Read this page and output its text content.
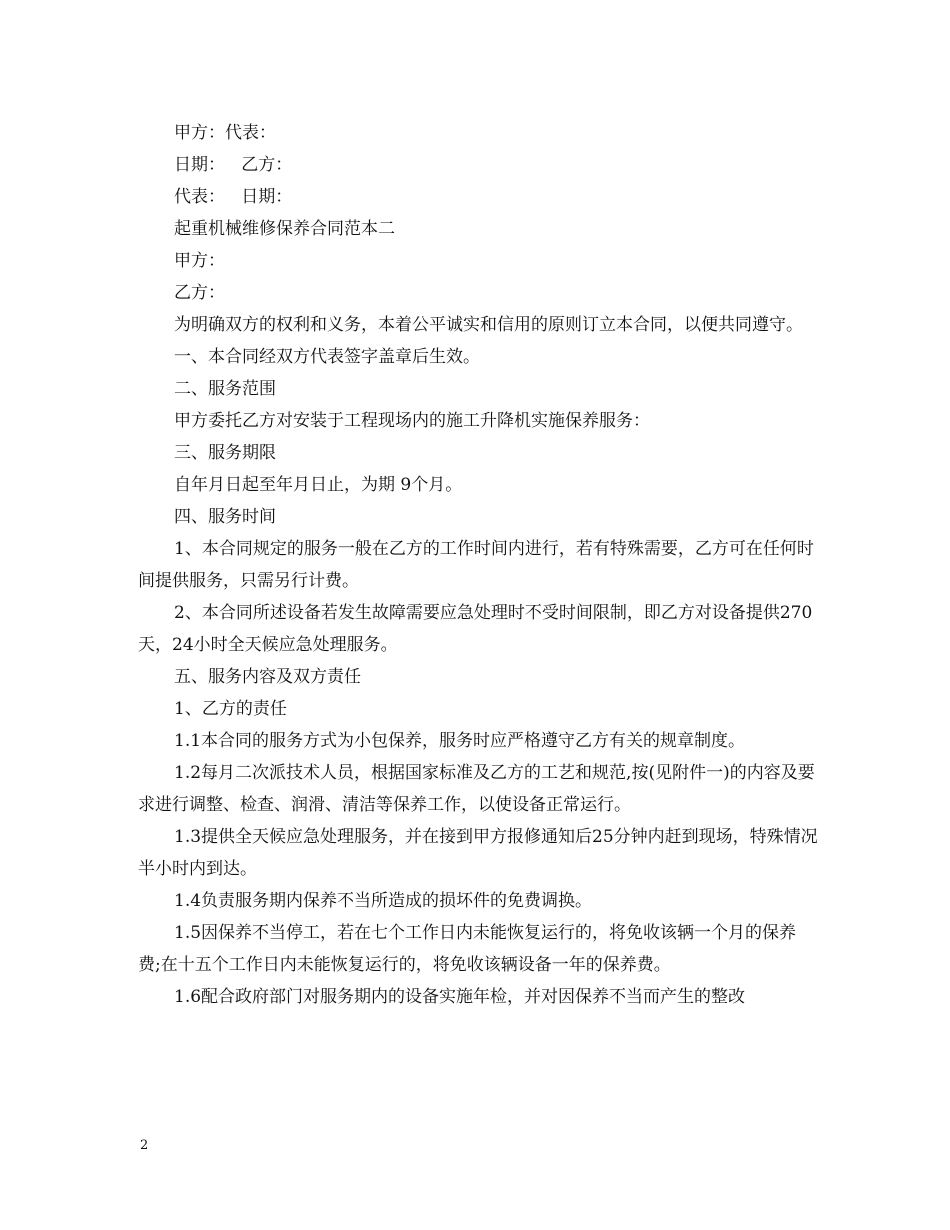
甲方：代表：

日期：   乙方：

代表：   日期：

起重机械维修保养合同范本二

甲方：

乙方：

为明确双方的权利和义务，本着公平诚实和信用的原则订立本合同，以便共同遵守。

一、本合同经双方代表签字盖章后生效。

二、服务范围

甲方委托乙方对安装于工程现场内的施工升降机实施保养服务：

三、服务期限

自年月日起至年月日止，为期 9个月。

四、服务时间

1、本合同规定的服务一般在乙方的工作时间内进行，若有特殊需要，乙方可在任何时间提供服务，只需另行计费。

2、本合同所述设备若发生故障需要应急处理时不受时间限制，即乙方对设备提供270天，24小时全天候应急处理服务。

五、服务内容及双方责任

1、乙方的责任

1.1本合同的服务方式为小包保养，服务时应严格遵守乙方有关的规章制度。

1.2每月二次派技术人员，根据国家标准及乙方的工艺和规范,按(见附件一)的内容及要求进行调整、检查、润滑、清洁等保养工作，以使设备正常运行。

1.3提供全天候应急处理服务，并在接到甲方报修通知后25分钟内赶到现场，特殊情况半小时内到达。

1.4负责服务期内保养不当所造成的损坏件的免费调换。

1.5因保养不当停工，若在七个工作日内未能恢复运行的，将免收该辆一个月的保养费;在十五个工作日内未能恢复运行的，将免收该辆设备一年的保养费。

1.6配合政府部门对服务期内的设备实施年检，并对因保养不当而产生的整改

2
